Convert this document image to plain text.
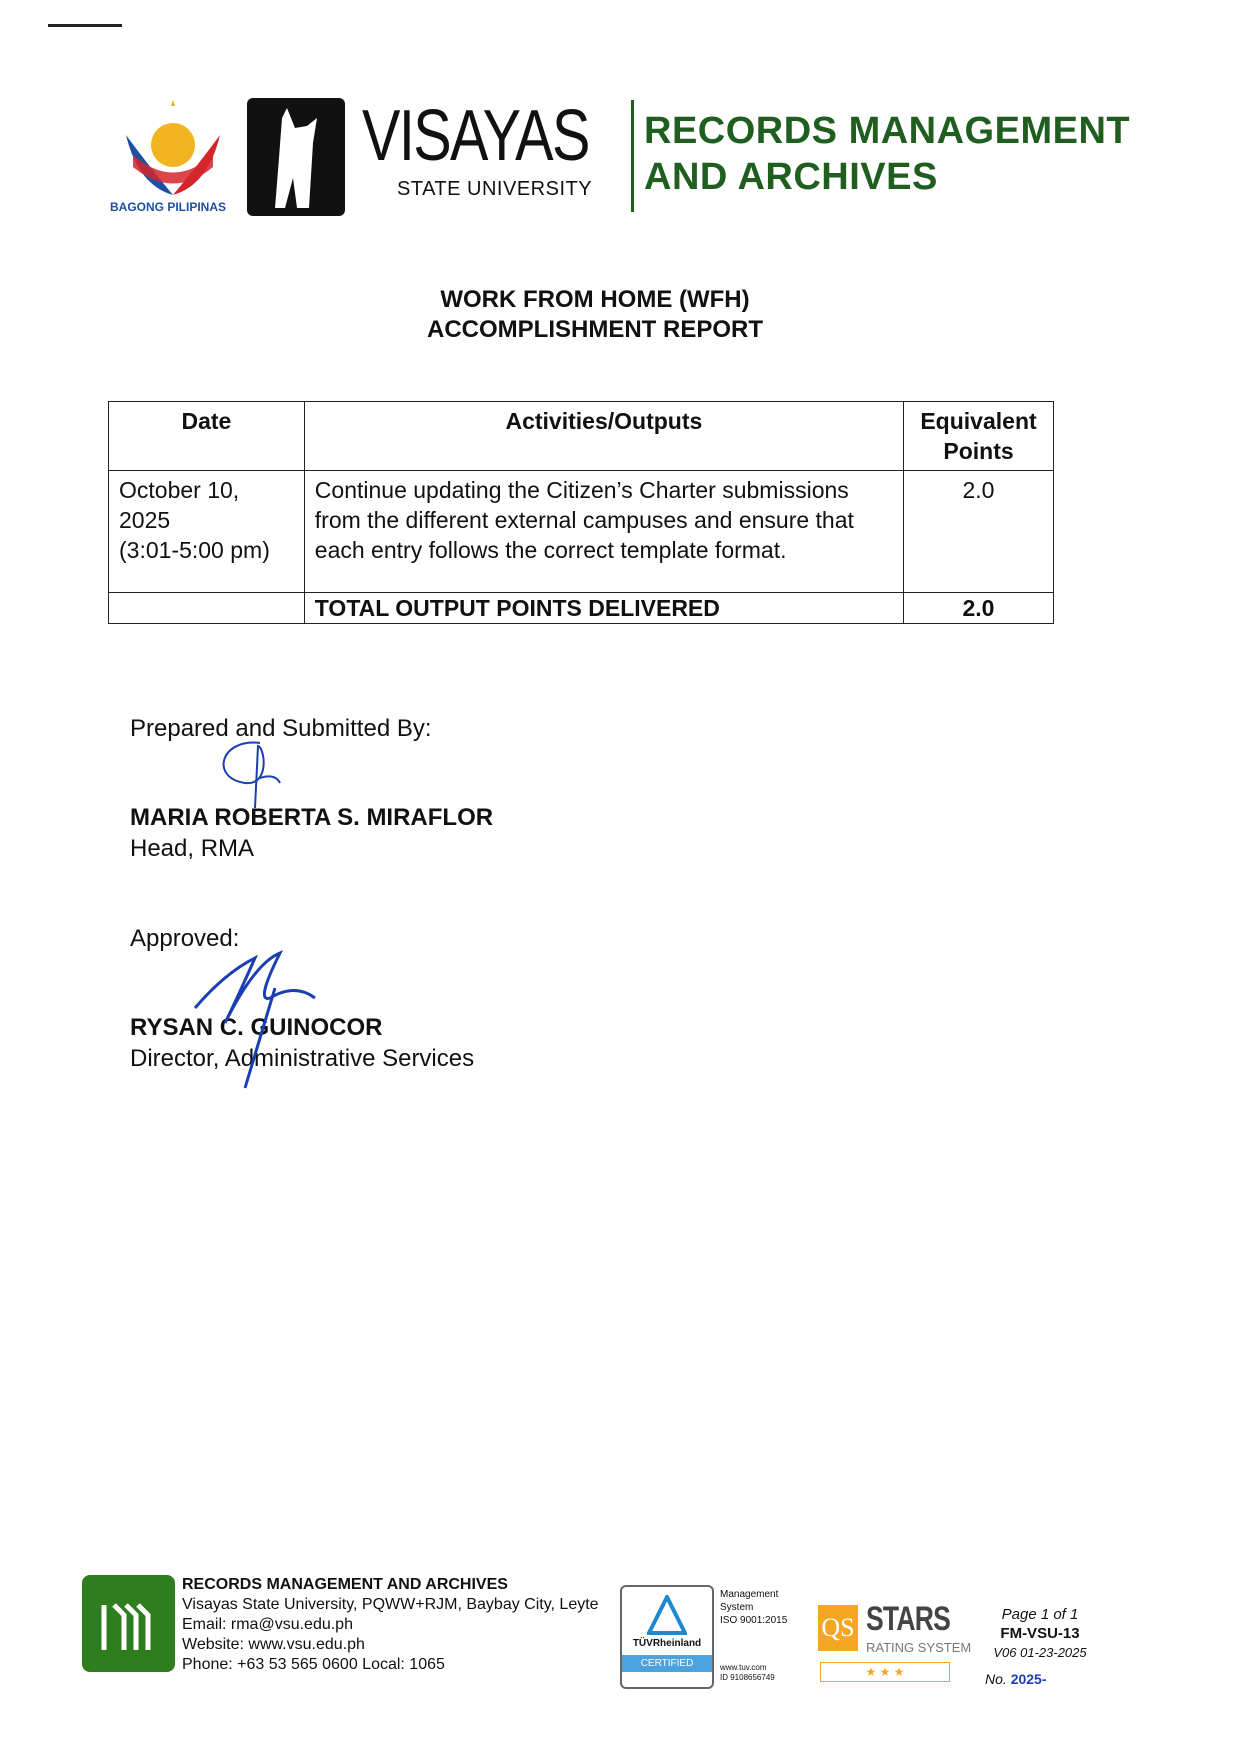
BAGONG PILIPINAS
VISAYAS
STATE UNIVERSITY
RECORDS MANAGEMENT
AND ARCHIVES
WORK FROM HOME (WFH)
ACCOMPLISHMENT REPORT
Date	Activities/Outputs	Equivalent Points

October 10,
2025
(3:01-5:00 pm)	Continue updating the Citizen’s Charter submissions from the different external campuses and ensure that each entry follows the correct template format.	2.0
	TOTAL OUTPUT POINTS DELIVERED	2.0
Prepared and Submitted By:
MARIA ROBERTA S. MIRAFLOR
Head, RMA
Approved:
RYSAN C. GUINOCOR
Director, Administrative Services
RECORDS MANAGEMENT AND ARCHIVES
Visayas State University, PQWW+RJM, Baybay City, Leyte
Email: rma@vsu.edu.ph
Website: www.vsu.edu.ph
Phone: +63 53 565 0600 Local: 1065
TÜVRheinland
CERTIFIED
Management
System
ISO 9001:2015
www.tuv.com
ID 9108656749
QS STARS
RATING SYSTEM
★ ★ ★
Page 1 of 1
FM-VSU-13
V06 01-23-2025
No. 2025-
